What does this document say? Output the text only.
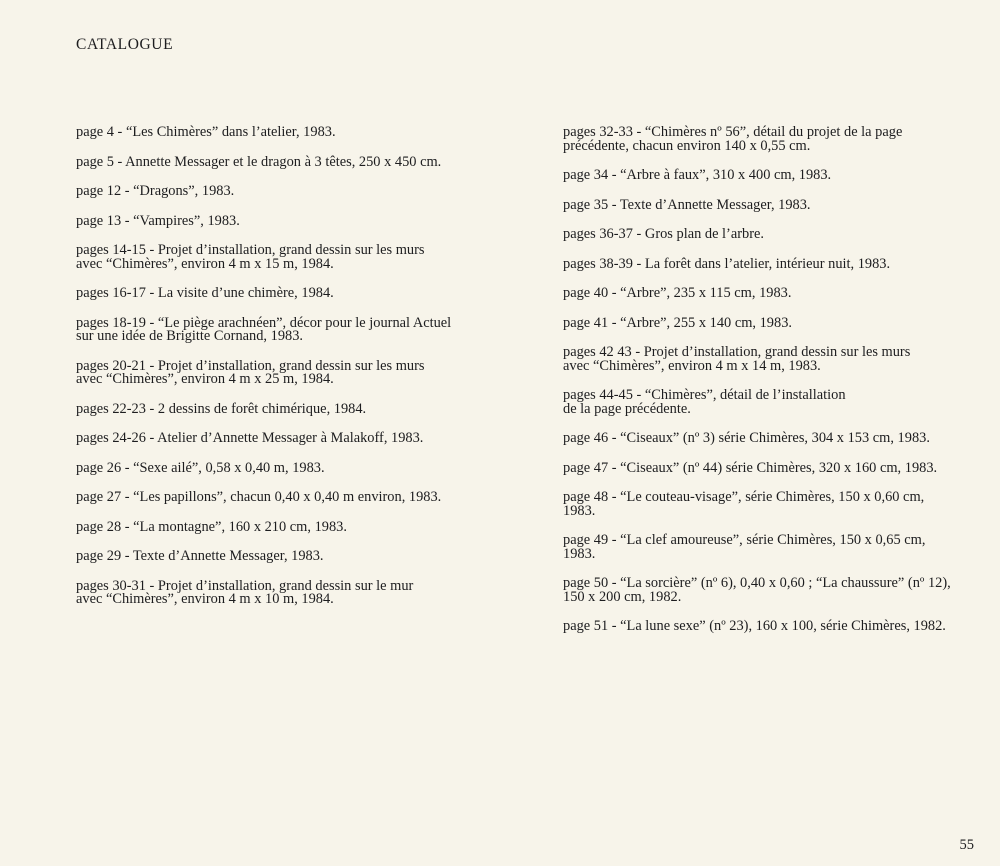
CATALOGUE

page 4 - “Les Chimères” dans l’atelier, 1983.

page 5 - Annette Messager et le dragon à 3 têtes, 250 x 450 cm.

page 12 - “Dragons”, 1983.

page 13 - “Vampires”, 1983.

pages 14-15 - Projet d’installation, grand dessin sur les murs
avec “Chimères”, environ 4 m x 15 m, 1984.

pages 16-17 - La visite d’une chimère, 1984.

pages 18-19 - “Le piège arachnéen”, décor pour le journal Actuel
sur une idée de Brigitte Cornand, 1983.

pages 20-21 - Projet d’installation, grand dessin sur les murs
avec “Chimères”, environ 4 m x 25 m, 1984.

pages 22-23 - 2 dessins de forêt chimérique, 1984.

pages 24-26 - Atelier d’Annette Messager à Malakoff, 1983.

page 26 - “Sexe ailé”, 0,58 x 0,40 m, 1983.

page 27 - “Les papillons”, chacun 0,40 x 0,40 m environ, 1983.

page 28 - “La montagne”, 160 x 210 cm, 1983.

page 29 - Texte d’Annette Messager, 1983.

pages 30-31 - Projet d’installation, grand dessin sur le mur
avec “Chimères”, environ 4 m x 10 m, 1984.

pages 32-33 - “Chimères nº 56”, détail du projet de la page
précédente, chacun environ 140 x 0,55 cm.

page 34 - “Arbre à faux”, 310 x 400 cm, 1983.

page 35 - Texte d’Annette Messager, 1983.

pages 36-37 - Gros plan de l’arbre.

pages 38-39 - La forêt dans l’atelier, intérieur nuit, 1983.

page 40 - “Arbre”, 235 x 115 cm, 1983.

page 41 - “Arbre”, 255 x 140 cm, 1983.

pages 42 43 - Projet d’installation, grand dessin sur les murs
avec “Chimères”, environ 4 m x 14 m, 1983.

pages 44-45 - “Chimères”, détail de l’installation
de la page précédente.

page 46 - “Ciseaux” (nº 3) série Chimères, 304 x 153 cm, 1983.

page 47 - “Ciseaux” (nº 44) série Chimères, 320 x 160 cm, 1983.

page 48 - “Le couteau-visage”, série Chimères, 150 x 0,60 cm,
1983.

page 49 - “La clef amoureuse”, série Chimères, 150 x 0,65 cm,
1983.

page 50 - “La sorcière” (nº 6), 0,40 x 0,60 ; “La chaussure” (nº 12),
150 x 200 cm, 1982.

page 51 - “La lune sexe” (nº 23), 160 x 100, série Chimères, 1982.

55
